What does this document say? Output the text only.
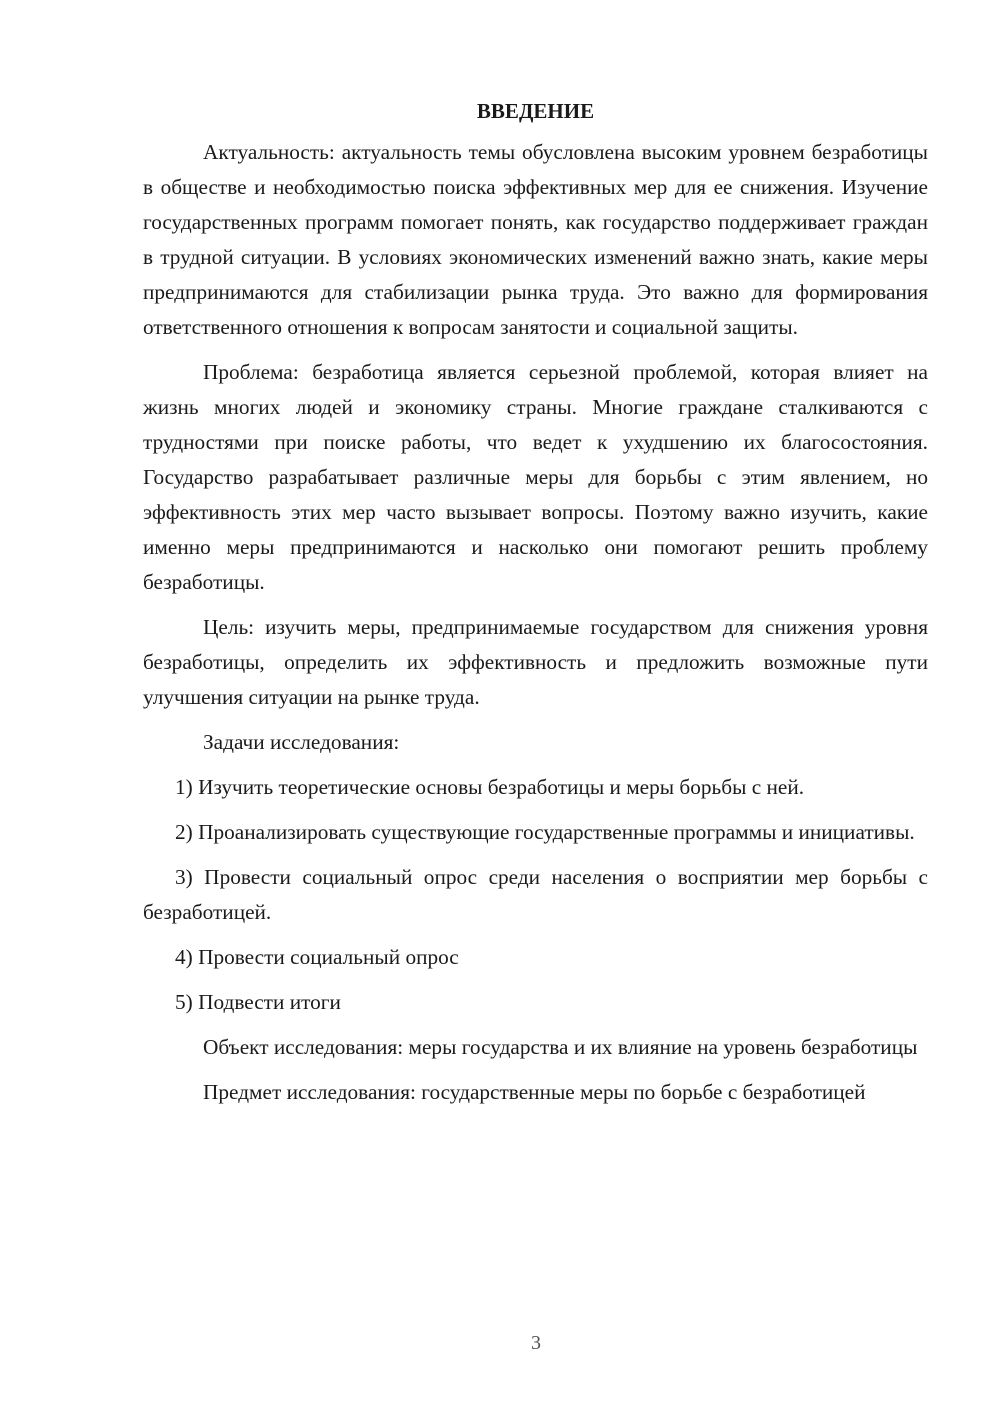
ВВЕДЕНИЕ

Актуальность: актуальность темы обусловлена высоким уровнем безработицы в обществе и необходимостью поиска эффективных мер для ее снижения. Изучение государственных программ помогает понять, как государство поддерживает граждан в трудной ситуации. В условиях экономических изменений важно знать, какие меры предпринимаются для стабилизации рынка труда. Это важно для формирования ответственного отношения к вопросам занятости и социальной защиты.

Проблема: безработица является серьезной проблемой, которая влияет на жизнь многих людей и экономику страны. Многие граждане сталкиваются с трудностями при поиске работы, что ведет к ухудшению их благосостояния. Государство разрабатывает различные меры для борьбы с этим явлением, но эффективность этих мер часто вызывает вопросы. Поэтому важно изучить, какие именно меры предпринимаются и насколько они помогают решить проблему безработицы.

Цель: изучить меры, предпринимаемые государством для снижения уровня безработицы, определить их эффективность и предложить возможные пути улучшения ситуации на рынке труда.

Задачи исследования:

1) Изучить теоретические основы безработицы и меры борьбы с ней.

2) Проанализировать существующие государственные программы и инициативы.

3) Провести социальный опрос среди населения о восприятии мер борьбы с безработицей.

4) Провести социальный опрос

5) Подвести итоги

Объект исследования: меры государства и их влияние на уровень безработицы

Предмет исследования: государственные меры по борьбе с безработицей

3
